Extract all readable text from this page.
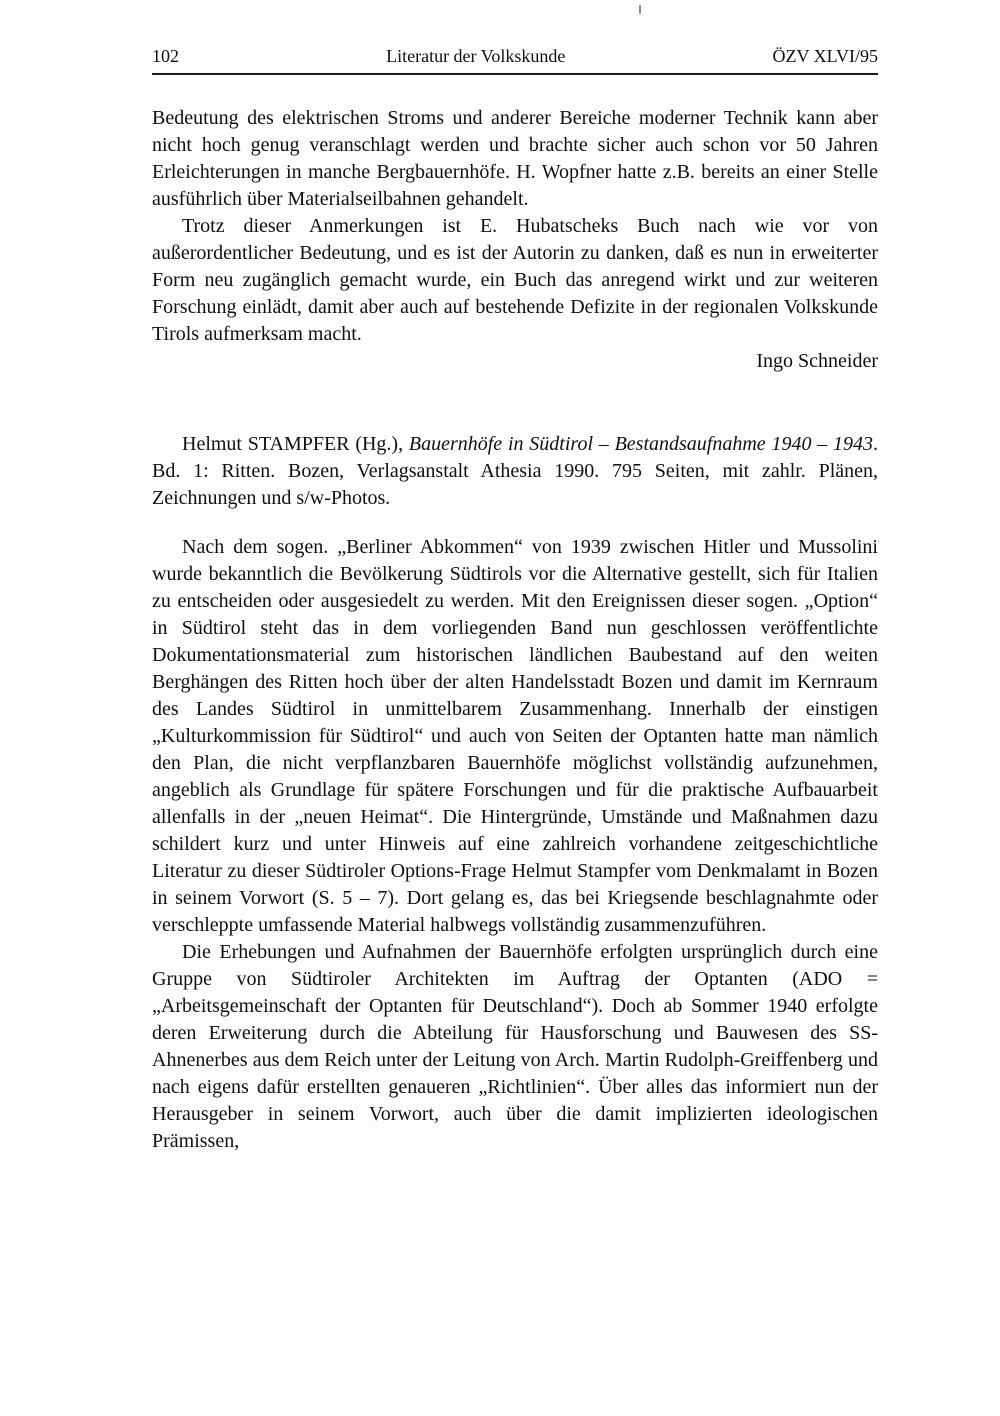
102	Literatur der Volkskunde	ÖZV XLVI/95

Bedeutung des elektrischen Stroms und anderer Bereiche moderner Technik kann aber nicht hoch genug veranschlagt werden und brachte sicher auch schon vor 50 Jahren Erleichterungen in manche Bergbauernhöfe. H. Wopfner hatte z.B. bereits an einer Stelle ausführlich über Materialseilbahnen gehandelt.

Trotz dieser Anmerkungen ist E. Hubatscheks Buch nach wie vor von außerordentlicher Bedeutung, und es ist der Autorin zu danken, daß es nun in erweiterter Form neu zugänglich gemacht wurde, ein Buch das anregend wirkt und zur weiteren Forschung einlädt, damit aber auch auf bestehende Defizite in der regionalen Volkskunde Tirols aufmerksam macht.

Ingo Schneider

Helmut STAMPFER (Hg.), Bauernhöfe in Südtirol – Bestandsaufnahme 1940 – 1943. Bd. 1: Ritten. Bozen, Verlagsanstalt Athesia 1990. 795 Seiten, mit zahlr. Plänen, Zeichnungen und s/w-Photos.

Nach dem sogen. „Berliner Abkommen“ von 1939 zwischen Hitler und Mussolini wurde bekanntlich die Bevölkerung Südtirols vor die Alternative gestellt, sich für Italien zu entscheiden oder ausgesiedelt zu werden. Mit den Ereignissen dieser sogen. „Option“ in Südtirol steht das in dem vorliegenden Band nun geschlossen veröffentlichte Dokumentationsmaterial zum historischen ländlichen Baubestand auf den weiten Berghängen des Ritten hoch über der alten Handelsstadt Bozen und damit im Kernraum des Landes Südtirol in unmittelbarem Zusammenhang. Innerhalb der einstigen „Kulturkommission für Südtirol“ und auch von Seiten der Optanten hatte man nämlich den Plan, die nicht verpflanzbaren Bauernhöfe möglichst vollständig aufzunehmen, angeblich als Grundlage für spätere Forschungen und für die praktische Aufbauarbeit allenfalls in der „neuen Heimat“. Die Hintergründe, Umstände und Maßnahmen dazu schildert kurz und unter Hinweis auf eine zahlreich vorhandene zeitgeschichtliche Literatur zu dieser Südtiroler Options-Frage Helmut Stampfer vom Denkmalamt in Bozen in seinem Vorwort (S. 5 – 7). Dort gelang es, das bei Kriegsende beschlagnahmte oder verschleppte umfassende Material halbwegs vollständig zusammenzuführen.

Die Erhebungen und Aufnahmen der Bauernhöfe erfolgten ursprünglich durch eine Gruppe von Südtiroler Architekten im Auftrag der Optanten (ADO = „Arbeitsgemeinschaft der Optanten für Deutschland“). Doch ab Sommer 1940 erfolgte deren Erweiterung durch die Abteilung für Hausforschung und Bauwesen des SS-Ahnenerbes aus dem Reich unter der Leitung von Arch. Martin Rudolph-Greiffenberg und nach eigens dafür erstellten genaueren „Richtlinien“. Über alles das informiert nun der Herausgeber in seinem Vorwort, auch über die damit implizierten ideologischen Prämissen,
